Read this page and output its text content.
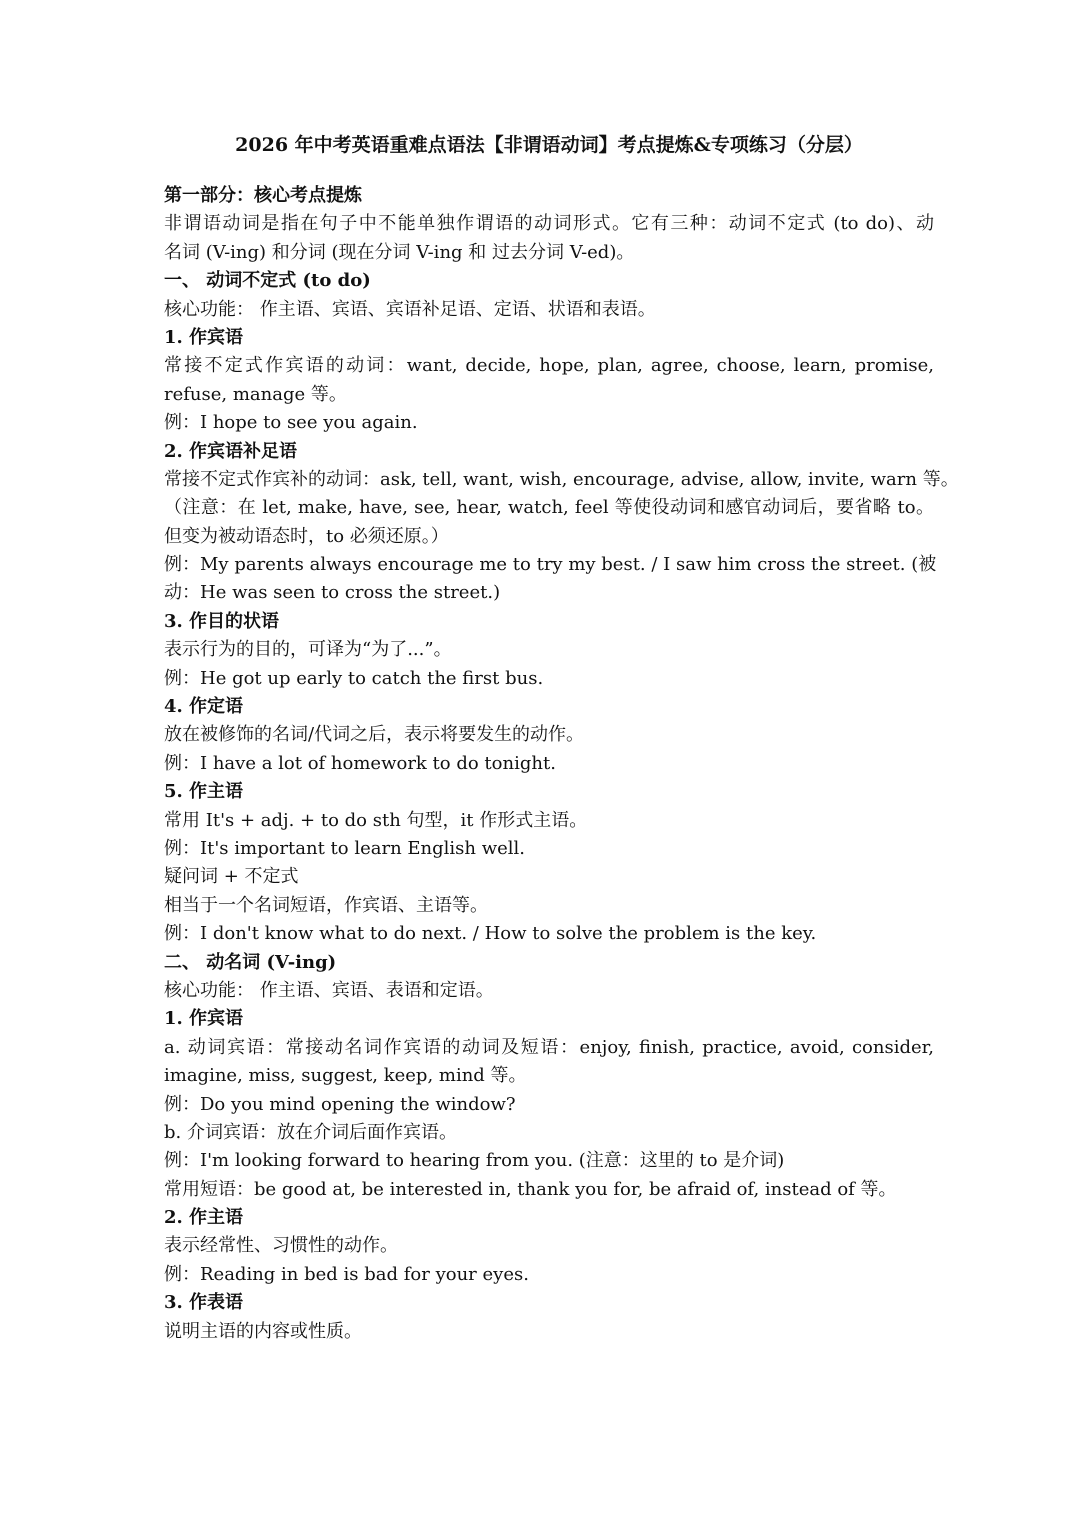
2026 年中考英语重难点语法【非谓语动词】考点提炼&专项练习（分层）
第一部分：核心考点提炼
非谓语动词是指在句子中不能单独作谓语的动词形式。它有三种：动词不定式 (to do)、动
名词 (V-ing) 和分词 (现在分词 V-ing 和 过去分词 V-ed)。
一、 动词不定式 (to do)
核心功能： 作主语、宾语、宾语补足语、定语、状语和表语。
1. 作宾语
常接不定式作宾语的动词：want, decide, hope, plan, agree, choose, learn, promise,
refuse, manage 等。
例：I hope to see you again.
2. 作宾语补足语
常接不定式作宾补的动词：ask, tell, want, wish, encourage, advise, allow, invite, warn 等。
（注意：在 let, make, have, see, hear, watch, feel 等使役动词和感官动词后，要省略 to。
但变为被动语态时，to 必须还原。）
例：My parents always encourage me to try my best. / I saw him cross the street. (被
动：He was seen to cross the street.)
3. 作目的状语
表示行为的目的，可译为“为了...”。
例：He got up early to catch the first bus.
4. 作定语
放在被修饰的名词/代词之后，表示将要发生的动作。
例：I have a lot of homework to do tonight.
5. 作主语
常用 It's + adj. + to do sth 句型，it 作形式主语。
例：It's important to learn English well.
疑问词 + 不定式
相当于一个名词短语，作宾语、主语等。
例：I don't know what to do next. / How to solve the problem is the key.
二、 动名词 (V-ing)
核心功能： 作主语、宾语、表语和定语。
1. 作宾语
a. 动词宾语：常接动名词作宾语的动词及短语：enjoy, finish, practice, avoid, consider,
imagine, miss, suggest, keep, mind 等。
例：Do you mind opening the window?
b. 介词宾语：放在介词后面作宾语。
例：I'm looking forward to hearing from you. (注意：这里的 to 是介词)
常用短语：be good at, be interested in, thank you for, be afraid of, instead of 等。
2. 作主语
表示经常性、习惯性的动作。
例：Reading in bed is bad for your eyes.
3. 作表语
说明主语的内容或性质。
